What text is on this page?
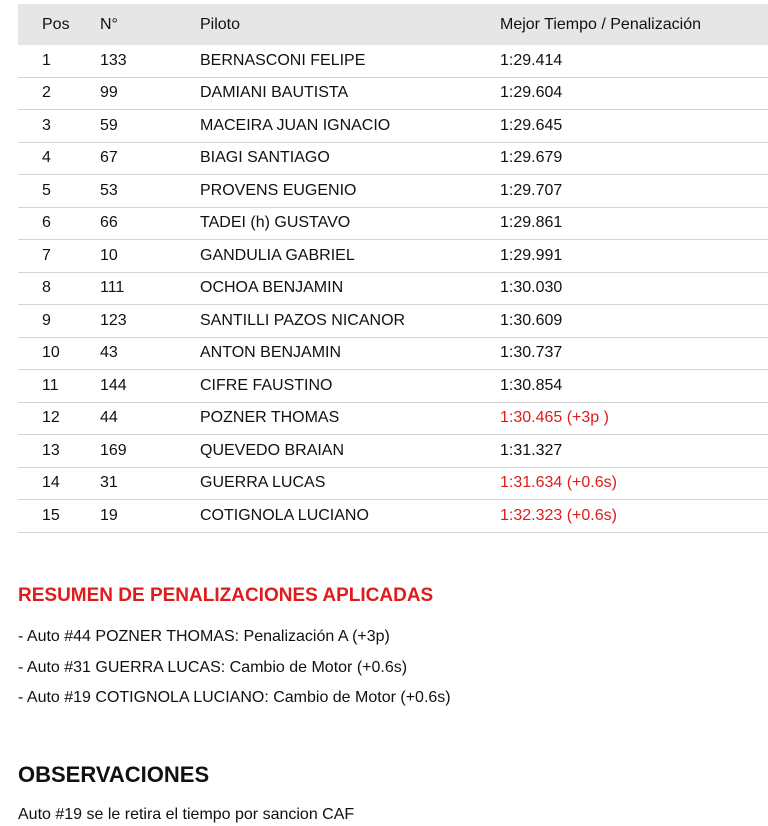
Pos	N°	Piloto	Mejor Tiempo / Penalización
1	133	BERNASCONI FELIPE	1:29.414
2	99	DAMIANI BAUTISTA	1:29.604
3	59	MACEIRA JUAN IGNACIO	1:29.645
4	67	BIAGI SANTIAGO	1:29.679
5	53	PROVENS EUGENIO	1:29.707
6	66	TADEI (h) GUSTAVO	1:29.861
7	10	GANDULIA GABRIEL	1:29.991
8	111	OCHOA BENJAMIN	1:30.030
9	123	SANTILLI PAZOS NICANOR	1:30.609
10	43	ANTON BENJAMIN	1:30.737
11	144	CIFRE FAUSTINO	1:30.854
12	44	POZNER THOMAS	1:30.465 (+3p )
13	169	QUEVEDO BRAIAN	1:31.327
14	31	GUERRA LUCAS	1:31.634 (+0.6s)
15	19	COTIGNOLA LUCIANO	1:32.323 (+0.6s)
RESUMEN DE PENALIZACIONES APLICADAS
- Auto #44 POZNER THOMAS: Penalización A (+3p)
- Auto #31 GUERRA LUCAS: Cambio de Motor (+0.6s)
- Auto #19 COTIGNOLA LUCIANO: Cambio de Motor (+0.6s)
OBSERVACIONES
Auto #19 se le retira el tiempo por sancion CAF
